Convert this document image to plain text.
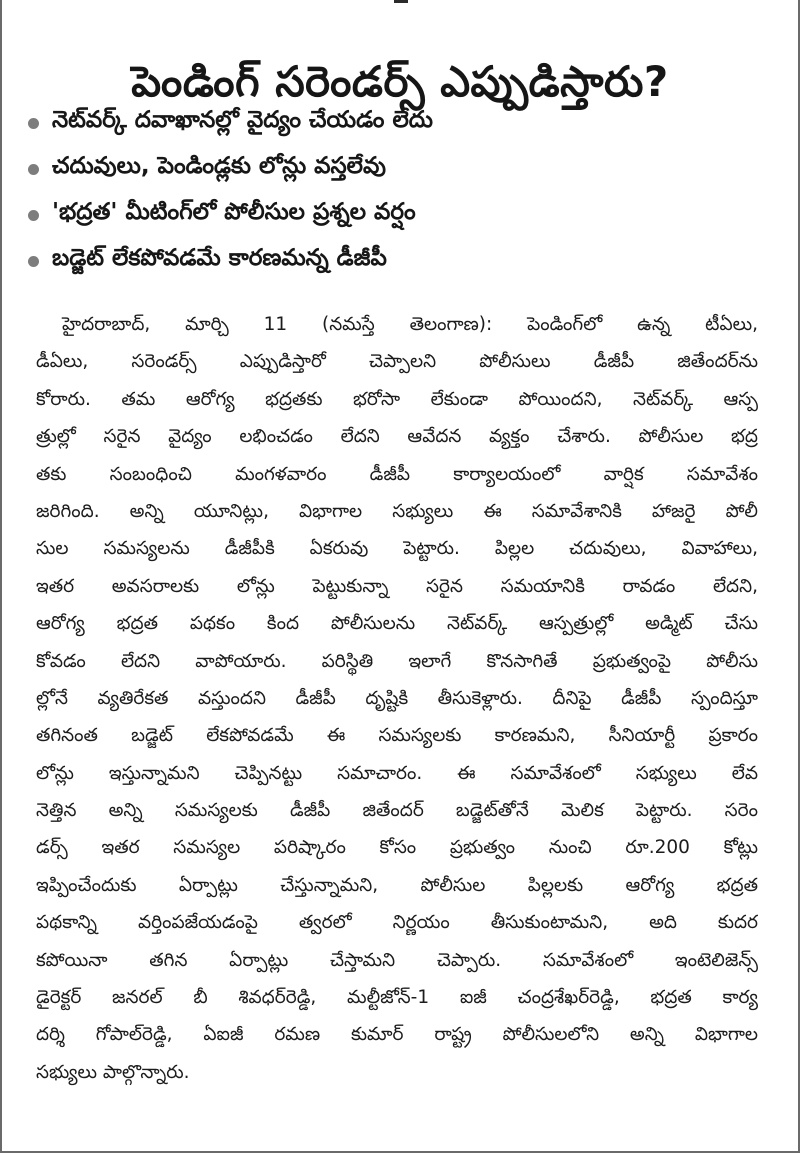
పెండింగ్ సరెండర్స్ ఎప్పుడిస్తారు?
నెట్‌వర్క్ దవాఖానల్లో వైద్యం చేయడం లేదు
చదువులు, పెండిండ్లకు లోన్లు వస్తలేవు
'భద్రత' మీటింగ్‌లో పోలీసుల ప్రశ్నల వర్షం
బడ్జెట్ లేకపోవడమే కారణమన్న డీజీపీ
హైదరాబాద్, మార్చి 11 (నమస్తే తెలంగాణ): పెండింగ్‌లో ఉన్న టీఏలు,
డీఏలు, సరెండర్స్ ఎప్పుడిస్తారో చెప్పాలని పోలీసులు డీజీపీ జితేందర్‌ను
కోరారు. తమ ఆరోగ్య భద్రతకు భరోసా లేకుండా పోయిందని, నెట్‌వర్క్ ఆస్ప
త్రుల్లో సరైన వైద్యం లభించడం లేదని ఆవేదన వ్యక్తం చేశారు. పోలీసుల భద్ర
తకు సంబంధించి మంగళవారం డీజీపీ కార్యాలయంలో వార్షిక సమావేశం
జరిగింది. అన్ని యూనిట్లు, విభాగాల సభ్యులు ఈ సమావేశానికి హాజరై పోలీ
సుల సమస్యలను డీజీపీకి ఏకరువు పెట్టారు. పిల్లల చదువులు, వివాహాలు,
ఇతర అవసరాలకు లోన్లు పెట్టుకున్నా సరైన సమయానికి రావడం లేదని,
ఆరోగ్య భద్రత పథకం కింద పోలీసులను నెట్‌వర్క్ ఆస్పత్రుల్లో అడ్మిట్ చేసు
కోవడం లేదని వాపోయారు. పరిస్థితి ఇలాగే కొనసాగితే ప్రభుత్వంపై పోలీసు
ల్లోనే వ్యతిరేకత వస్తుందని డీజీపీ దృష్టికి తీసుకెళ్లారు. దీనిపై డీజీపీ స్పందిస్తూ
తగినంత బడ్జెట్ లేకపోవడమే ఈ సమస్యలకు కారణమని, సీనియార్టీ ప్రకారం
లోన్లు ఇస్తున్నామని చెప్పినట్టు సమాచారం. ఈ సమావేశంలో సభ్యులు లేవ
నెత్తిన అన్ని సమస్యలకు డీజీపీ జితేందర్ బడ్జెట్‌తోనే మెలిక పెట్టారు. సరెం
డర్స్ ఇతర సమస్యల పరిష్కారం కోసం ప్రభుత్వం నుంచి రూ.200 కోట్లు
ఇప్పించేందుకు ఏర్పాట్లు చేస్తున్నామని, పోలీసుల పిల్లలకు ఆరోగ్య భద్రత
పథకాన్ని వర్తింపజేయడంపై త్వరలో నిర్ణయం తీసుకుంటామని, అది కుదర
కపోయినా తగిన ఏర్పాట్లు చేస్తామని చెప్పారు. సమావేశంలో ఇంటెలిజెన్స్
డైరెక్టర్ జనరల్ బీ శివధర్‌రెడ్డి, మల్టీజోన్-1 ఐజీ చంద్రశేఖర్‌రెడ్డి, భద్రత కార్య
దర్శి గోపాల్‌రెడ్డి, ఏఐజీ రమణ కుమార్ రాష్ట్ర పోలీసులలోని అన్ని విభాగాల
సభ్యులు పాల్గొన్నారు.
